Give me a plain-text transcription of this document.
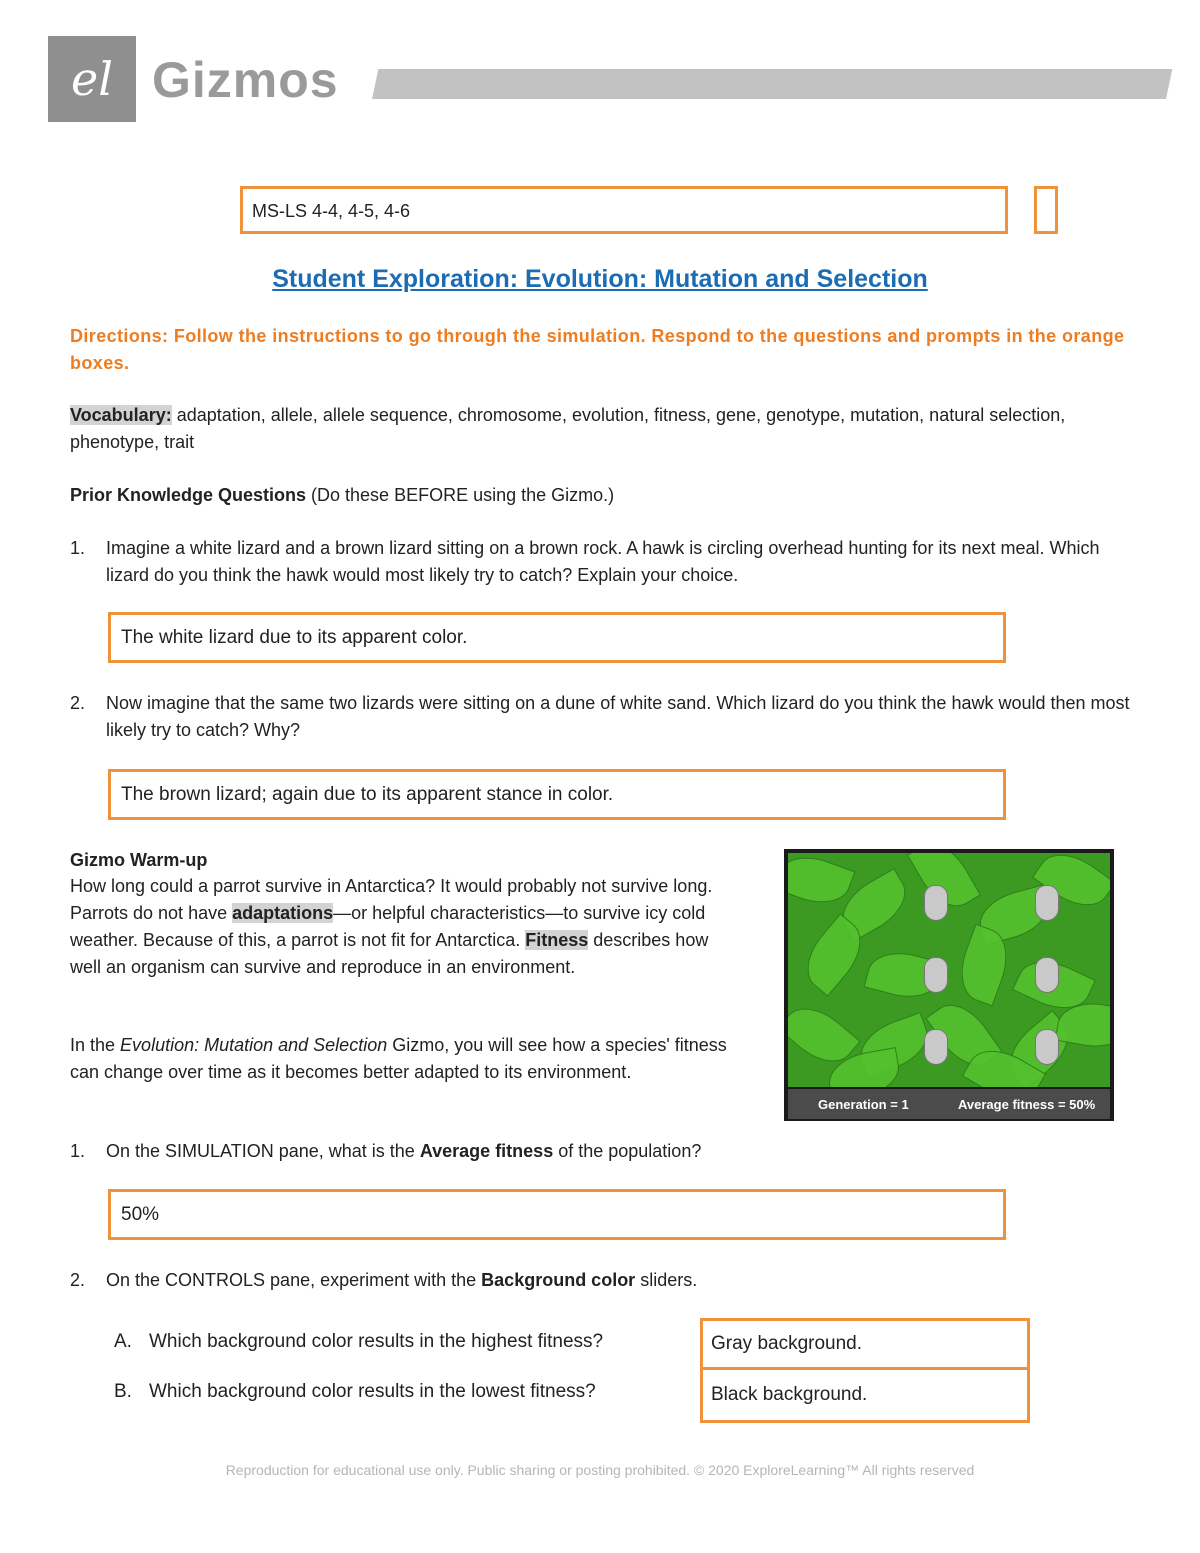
el Gizmos
MS-LS 4-4, 4-5, 4-6
Student Exploration: Evolution: Mutation and Selection
Directions: Follow the instructions to go through the simulation. Respond to the questions and prompts in the orange boxes.
Vocabulary: adaptation, allele, allele sequence, chromosome, evolution, fitness, gene, genotype, mutation, natural selection, phenotype, trait
Prior Knowledge Questions (Do these BEFORE using the Gizmo.)
1. Imagine a white lizard and a brown lizard sitting on a brown rock. A hawk is circling overhead hunting for its next meal. Which lizard do you think the hawk would most likely try to catch? Explain your choice.
The white lizard due to its apparent color.
2. Now imagine that the same two lizards were sitting on a dune of white sand. Which lizard do you think the hawk would then most likely try to catch? Why?
The brown lizard; again due to its apparent stance in color.
Gizmo Warm-up
How long could a parrot survive in Antarctica? It would probably not survive long. Parrots do not have adaptations—or helpful characteristics—to survive icy cold weather. Because of this, a parrot is not fit for Antarctica. Fitness describes how well an organism can survive and reproduce in an environment.
In the Evolution: Mutation and Selection Gizmo, you will see how a species' fitness can change over time as it becomes better adapted to its environment.
Generation = 1	Average fitness = 50%
1. On the SIMULATION pane, what is the Average fitness of the population?
50%
2. On the CONTROLS pane, experiment with the Background color sliders.
A. Which background color results in the highest fitness?	Gray background.
B. Which background color results in the lowest fitness?	Black background.
Reproduction for educational use only. Public sharing or posting prohibited. © 2020 ExploreLearning™ All rights reserved
